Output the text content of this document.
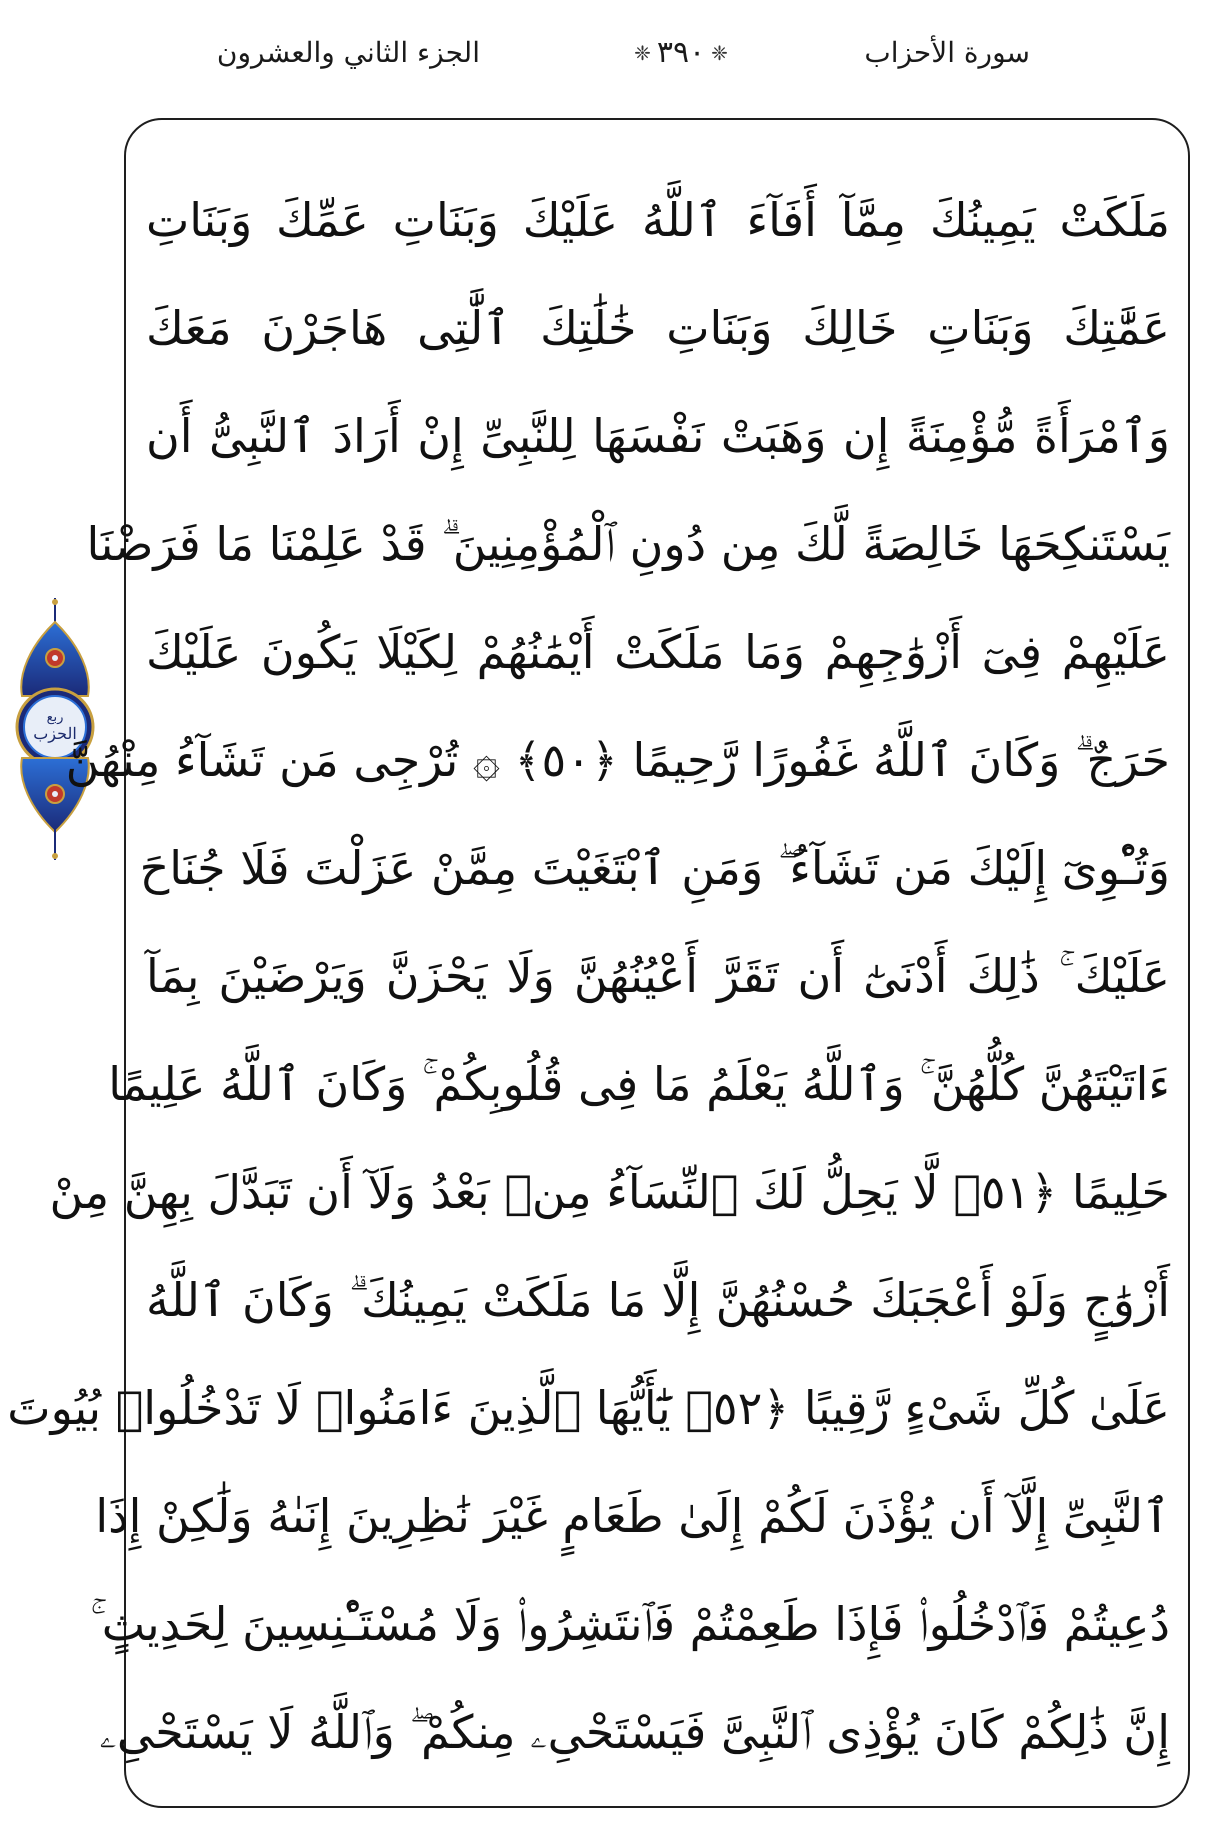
الجزء الثاني والعشرون	❈ ٣٩٠ ❈	سورة الأحزاب
ربع
الحزب
مَلَكَتْ يَمِينُكَ مِمَّآ أَفَآءَ ٱللَّهُ عَلَيْكَ وَبَنَاتِ عَمِّكَ وَبَنَاتِ
عَمَّٰتِكَ وَبَنَاتِ خَالِكَ وَبَنَاتِ خَٰلَٰتِكَ ٱلَّٰتِى هَاجَرْنَ مَعَكَ
وَٱمْرَأَةً مُّؤْمِنَةً إِن وَهَبَتْ نَفْسَهَا لِلنَّبِىِّ إِنْ أَرَادَ ٱلنَّبِىُّ أَن
يَسْتَنكِحَهَا خَالِصَةً لَّكَ مِن دُونِ ٱلْمُؤْمِنِينَ ۗ قَدْ عَلِمْنَا مَا فَرَضْنَا
عَلَيْهِمْ فِىٓ أَزْوَٰجِهِمْ وَمَا مَلَكَتْ أَيْمَٰنُهُمْ لِكَيْلَا يَكُونَ عَلَيْكَ
حَرَجٌ ۗ وَكَانَ ٱللَّهُ غَفُورًا رَّحِيمًا ﴿٥٠﴾ ۞ تُرْجِى مَن تَشَآءُ مِنْهُنَّ
وَتُـْٔوِىٓ إِلَيْكَ مَن تَشَآءُ ۖ وَمَنِ ٱبْتَغَيْتَ مِمَّنْ عَزَلْتَ فَلَا جُنَاحَ
عَلَيْكَ ۚ ذَٰلِكَ أَدْنَىٰٓ أَن تَقَرَّ أَعْيُنُهُنَّ وَلَا يَحْزَنَّ وَيَرْضَيْنَ بِمَآ
ءَاتَيْتَهُنَّ كُلُّهُنَّ ۚ وَٱللَّهُ يَعْلَمُ مَا فِى قُلُوبِكُمْ ۚ وَكَانَ ٱللَّهُ عَلِيمًا
حَلِيمًا ﴿٥١﴾ لَّا يَحِلُّ لَكَ ٱلنِّسَآءُ مِنۢ بَعْدُ وَلَآ أَن تَبَدَّلَ بِهِنَّ مِنْ
أَزْوَٰجٍ وَلَوْ أَعْجَبَكَ حُسْنُهُنَّ إِلَّا مَا مَلَكَتْ يَمِينُكَ ۗ وَكَانَ ٱللَّهُ
عَلَىٰ كُلِّ شَىْءٍ رَّقِيبًا ﴿٥٢﴾ يَٰٓأَيُّهَا ٱلَّذِينَ ءَامَنُوا۟ لَا تَدْخُلُوا۟ بُيُوتَ
ٱلنَّبِىِّ إِلَّآ أَن يُؤْذَنَ لَكُمْ إِلَىٰ طَعَامٍ غَيْرَ نَٰظِرِينَ إِنَىٰهُ وَلَٰكِنْ إِذَا
دُعِيتُمْ فَٱدْخُلُوا۟ فَإِذَا طَعِمْتُمْ فَٱنتَشِرُوا۟ وَلَا مُسْتَـْٔنِسِينَ لِحَدِيثٍ ۚ
إِنَّ ذَٰلِكُمْ كَانَ يُؤْذِى ٱلنَّبِىَّ فَيَسْتَحْىِۦ مِنكُمْ ۖ وَٱللَّهُ لَا يَسْتَحْىِۦ
